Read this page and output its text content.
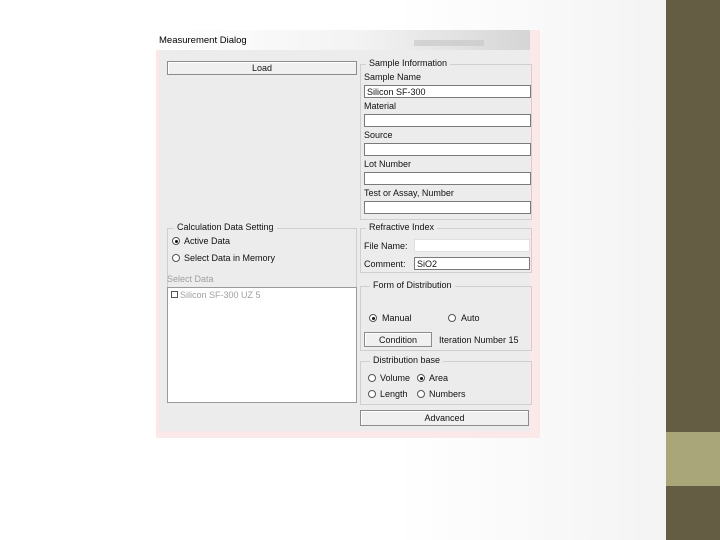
Measurement Dialog
Load	Sample Information
Sample Name
Silicon SF-300
Material
Source
Lot Number
Test or Assay, Number
Calculation Data Setting
Active Data
Select Data in Memory
Select Data
Silicon SF-300 UZ 5
Refractive Index
File Name:
Comment:	SiO2
Form of Distribution
Manual	Auto
Condition	Iteration Number 15
Distribution base
Volume Area
Length Numbers
Advanced
